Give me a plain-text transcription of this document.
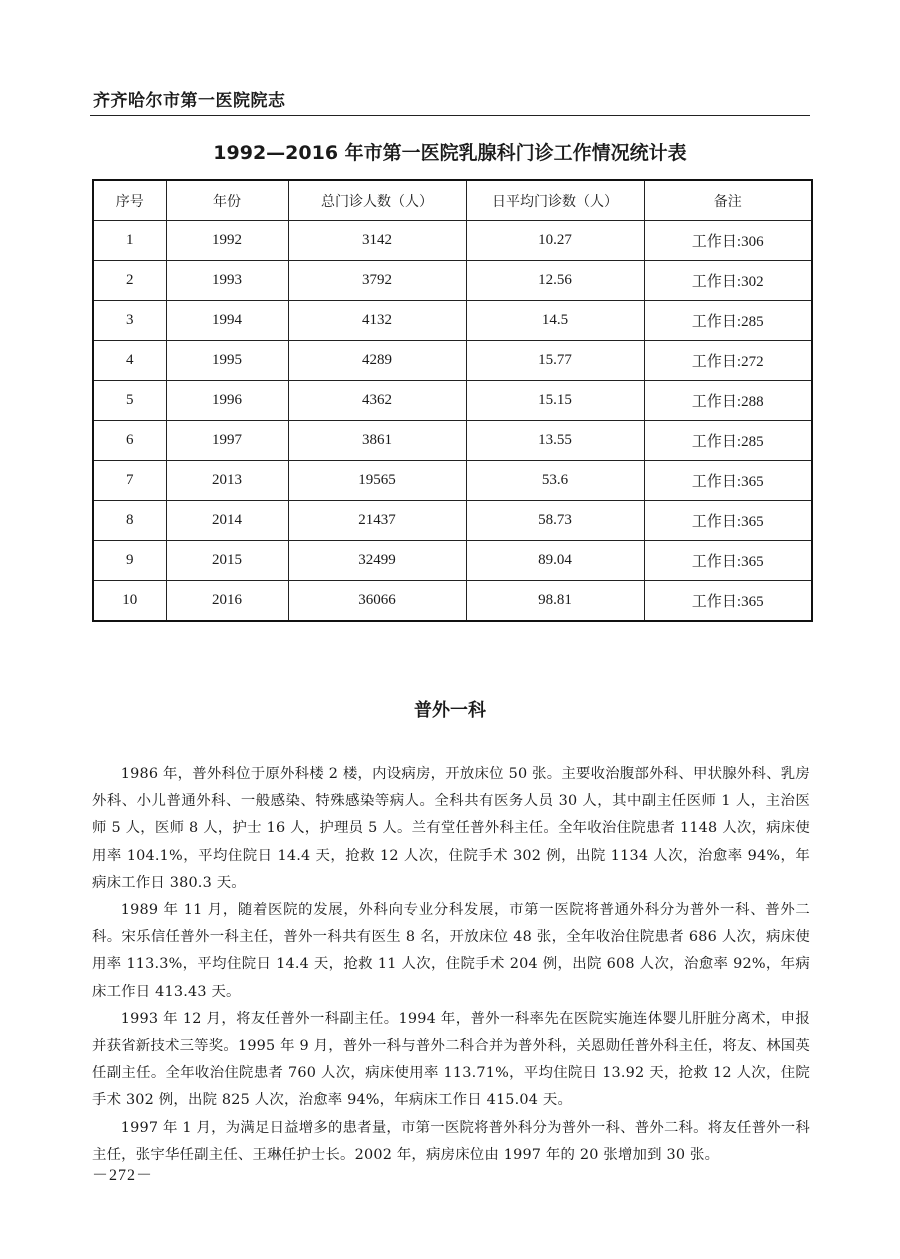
齐齐哈尔市第一医院院志
1992—2016 年市第一医院乳腺科门诊工作情况统计表
序号	年份	总门诊人数（人）	日平均门诊数（人）	备注
1	1992	3142	10.27	工作日:306
2	1993	3792	12.56	工作日:302
3	1994	4132	14.5	工作日:285
4	1995	4289	15.77	工作日:272
5	1996	4362	15.15	工作日:288
6	1997	3861	13.55	工作日:285
7	2013	19565	53.6	工作日:365
8	2014	21437	58.73	工作日:365
9	2015	32499	89.04	工作日:365
10	2016	36066	98.81	工作日:365
普外一科

1986 年，普外科位于原外科楼 2 楼，内设病房，开放床位 50 张。主要收治腹部外科、甲状腺外科、乳房外科、小儿普通外科、一般感染、特殊感染等病人。全科共有医务人员 30 人，其中副主任医师 1 人，主治医师 5 人，医师 8 人，护士 16 人，护理员 5 人。兰有堂任普外科主任。全年收治住院患者 1148 人次，病床使用率 104.1%，平均住院日 14.4 天，抢救 12 人次，住院手术 302 例，出院 1134 人次，治愈率 94%，年病床工作日 380.3 天。

1989 年 11 月，随着医院的发展，外科向专业分科发展，市第一医院将普通外科分为普外一科、普外二科。宋乐信任普外一科主任，普外一科共有医生 8 名，开放床位 48 张，全年收治住院患者 686 人次，病床使用率 113.3%，平均住院日 14.4 天，抢救 11 人次，住院手术 204 例，出院 608 人次，治愈率 92%，年病床工作日 413.43 天。

1993 年 12 月，将友任普外一科副主任。1994 年，普外一科率先在医院实施连体婴儿肝脏分离术，申报并获省新技术三等奖。1995 年 9 月，普外一科与普外二科合并为普外科，关恩勋任普外科主任，将友、林国英任副主任。全年收治住院患者 760 人次，病床使用率 113.71%，平均住院日 13.92 天，抢救 12 人次，住院手术 302 例，出院 825 人次，治愈率 94%，年病床工作日 415.04 天。

1997 年 1 月，为满足日益增多的患者量，市第一医院将普外科分为普外一科、普外二科。将友任普外一科主任，张宇华任副主任、王琳任护士长。2002 年，病房床位由 1997 年的 20 张增加到 30 张。

－272－
